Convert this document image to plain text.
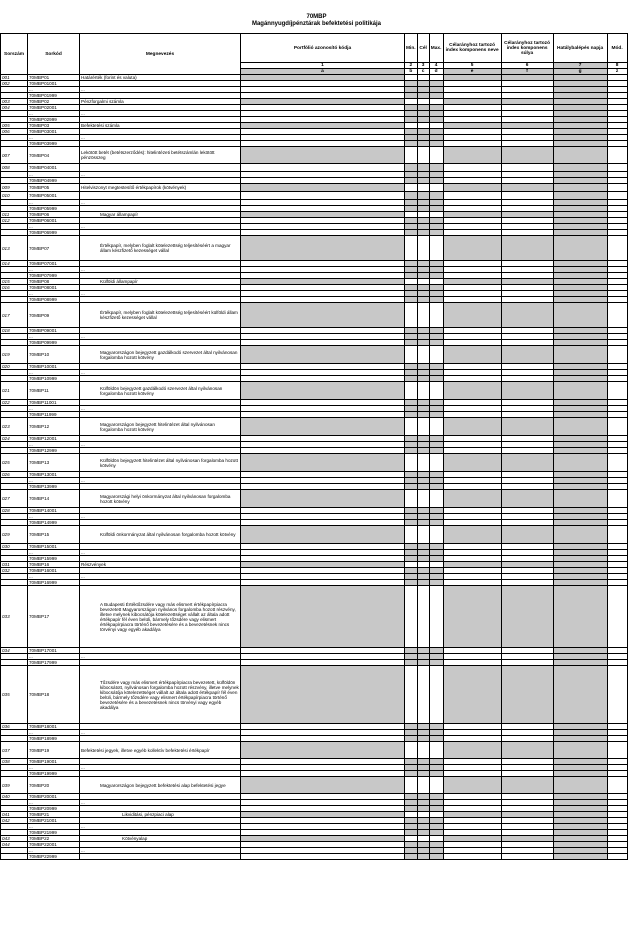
70MBP
Magánnyugdíjpénztárak befektetési politikája
Sorszám	Sorkód	Megnevezés	Portfólió azonosító kódja	Min.	Cél	Max.	Célarányhoz tartozó index komponens neve	Célarányhoz tartozó index komponens súlya	Hatálybalépés napja	Mód.
			1	2	3	4	5	6	7	8
			a	b	c	d	e	f	g	z
001	70MBP01	Határérték (forint és valuta)								
002	70MBP01001									
	...	...								
	70MBP01999									
003	70MBP02	Pénzforgalmi számla								
004	70MBP02001									
	...	...								
	70MBP02999									
005	70MBP03	Befektetési számla								
006	70MBP03001									
	...	...								
	70MBP03999									
007	70MBP04	Lekötött betét (betétszerződés): hitelintézeti betétszámlán lekötött pénzösszeg								
008	70MBP04001									
	...	...								
	70MBP04999									
009	70MBP05	Hitelviszonyt megtestesítő értékpapírok (kötvények)								
010	70MBP05001									
	...	...								
	70MBP05999									
011	70MBP06	Magyar állampapír								
012	70MBP06001									
	...	...								
	70MBP06999									
013	70MBP07	Értékpapír, melyben foglalt kötelezettség teljesítéséért a magyar állam készfizető kezességet vállal								
014	70MBP07001									
	...	...								
	70MBP07999									
015	70MBP08	Külföldi állampapír								
016	70MBP08001									
	...	...								
	70MBP08999									
017	70MBP09	Értékpapír, melyben foglalt kötelezettség teljesítéséért külföldi állam készfizető kezességet vállal								
018	70MBP09001									
	...	...								
	70MBP09999									
019	70MBP10	Magyarországon bejegyzett gazdálkodó szervezet által nyilvánosan forgalomba hozott kötvény								
020	70MBP10001									
	...	...								
	70MBP10999									
021	70MBP11	Külföldön bejegyzett gazdálkodó szervezet által nyilvánosan forgalomba hozott kötvény								
022	70MBP11001									
	...	...								
	70MBP11999									
023	70MBP12	Magyarországon bejegyzett hitelintézet által nyilvánosan forgalomba hozott kötvény								
024	70MBP12001									
	...	...								
	70MBP12999									
025	70MBP13	Külföldön bejegyzett hitelintézet által nyilvánosan forgalomba hozott kötvény								
026	70MBP13001									
	...	...								
	70MBP13999									
027	70MBP14	Magyarországi helyi önkormányzat által nyilvánosan forgalomba hozott kötvény								
028	70MBP14001									
	...	...								
	70MBP14999									
029	70MBP15	Külföldi önkormányzat által nyilvánosan forgalomba hozott kötvény								
030	70MBP15001									
	...	...								
	70MBP15999									
031	70MBP16	Részvények								
032	70MBP16001									
	...	...								
	70MBP16999									
033	70MBP17	A Budapesti Értéktőzsdére vagy más elismert értékpapírpiacra bevezetett Magyarországon nyilvános forgalomba hozott részvény, illetve melynek kibocsátója kötelezettséget vállalt az általa adott értékpapír fél éven belüli, bármely tőzsdére vagy elismert értékpapírpiacra történő bevezetésére és a bevezetésnek nincs törvényi vagy egyéb akadálya								
034	70MBP17001									
	...	...								
	70MBP17999									
035	70MBP18	Tőzsdére vagy más elismert értékpapírpiacra bevezetett, külföldön kibocsátott, nyilvánosan forgalomba hozott részvény, illetve melynek kibocsátója kötelezettséget vállalt az általa adott értékpapír fél éven belüli, bármely tőzsdére vagy elismert értékpapírpiacra történő bevezetésére és a bevezetésnek nincs törvényi vagy egyéb akadálya								
036	70MBP18001									
	...	...								
	70MBP18999									
037	70MBP19	Befektetési jegyek, illetve egyéb kollektív befektetési értékpapír								
038	70MBP19001									
	...	...								
	70MBP19999									
039	70MBP20	Magyarországon bejegyzett befektetési alap befektetési jegye								
040	70MBP20001									
	...	...								
	70MBP20999									
041	70MBP21	Likviditási, pénzpiaci alap								
042	70MBP21001									
	...	...								
	70MBP21999									
043	70MBP22	Kötvényalap								
044	70MBP22001									
	...	...								
	70MBP22999									
